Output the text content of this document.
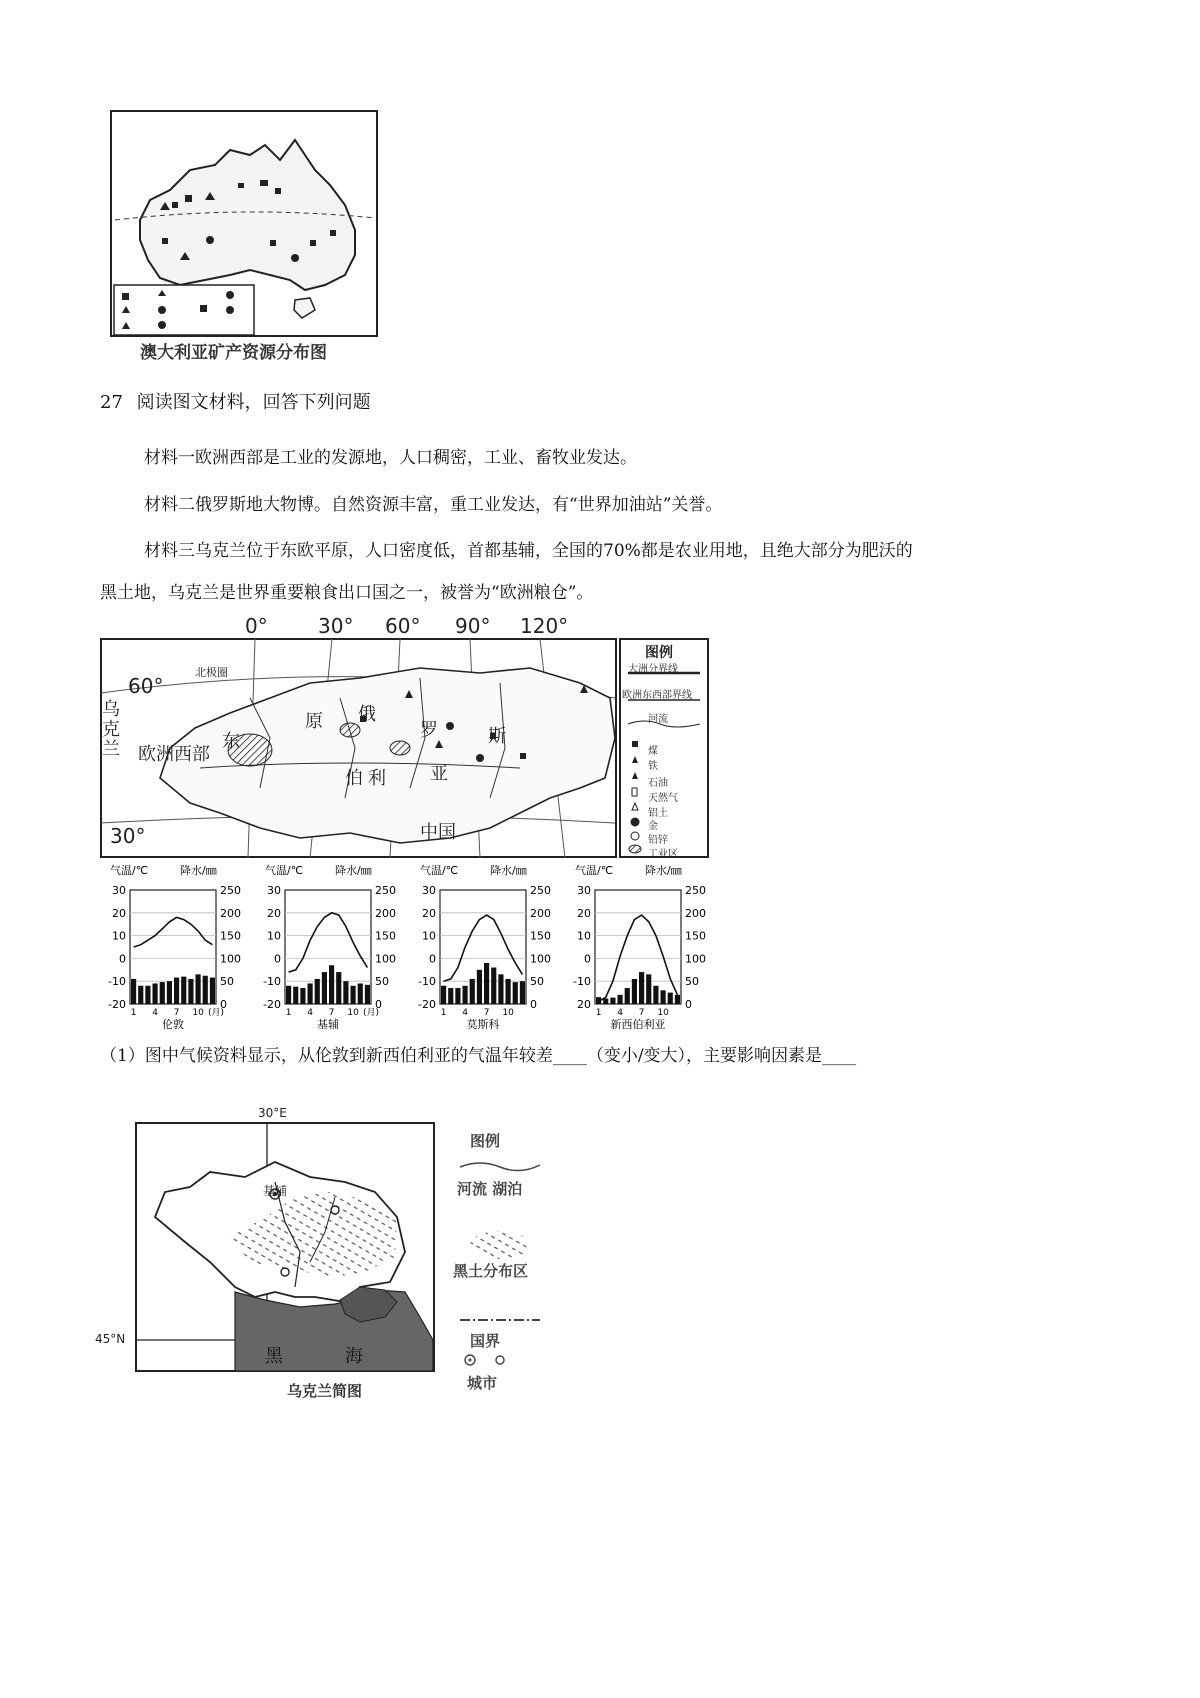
澳大利亚矿产资源分布图
27 阅读图文材料，回答下列问题
材料一欧洲西部是工业的发源地，人口稠密，工业、畜牧业发达。
材料二俄罗斯地大物博。自然资源丰富，重工业发达，有“世界加油站”关誉。
材料三乌克兰位于东欧平原，人口密度低，首都基辅，全国的70%都是农业用地，且绝大部分为肥沃的
黑土地，乌克兰是世界重要粮食出口国之一，被誉为“欧洲粮仓”。
0°	30° 60° 90° 120°
图例
大洲分界线
欧洲东西部界线
河流
煤
铁
石油
天然气
铝土
金
铅锌
工业区
60°
30°
北极圈
乌克兰 欧洲西部
东
原 俄
罗	斯
伯 利 亚
中国
气温/℃	降水/㎜
30
20
10
0
-10
-20
250
200
150
100
50
0
1 4 7 10 (月)
伦敦
气温/℃	降水/㎜
30
20
10
0
-10
-20
250
200
150
100
50
0
1 4 7 10 (月)
基辅
气温/℃	降水/㎜
30
20
10
0
-10
-20
250
200
150
100
50
0
1 4 7 10
莫斯科
气温/℃	降水/㎜
30
20
10
0
-10
20
250
200
150
100
50
0
1 4 7 10
新西伯利亚
（1）图中气候资料显示，从伦敦到新西伯利亚的气温年较差____（变小/变大），主要影响因素是____
30°E
45°N
基辅
黑	海
乌克兰简图
图例
河流 湖泊
黑土分布区
国界
城市
